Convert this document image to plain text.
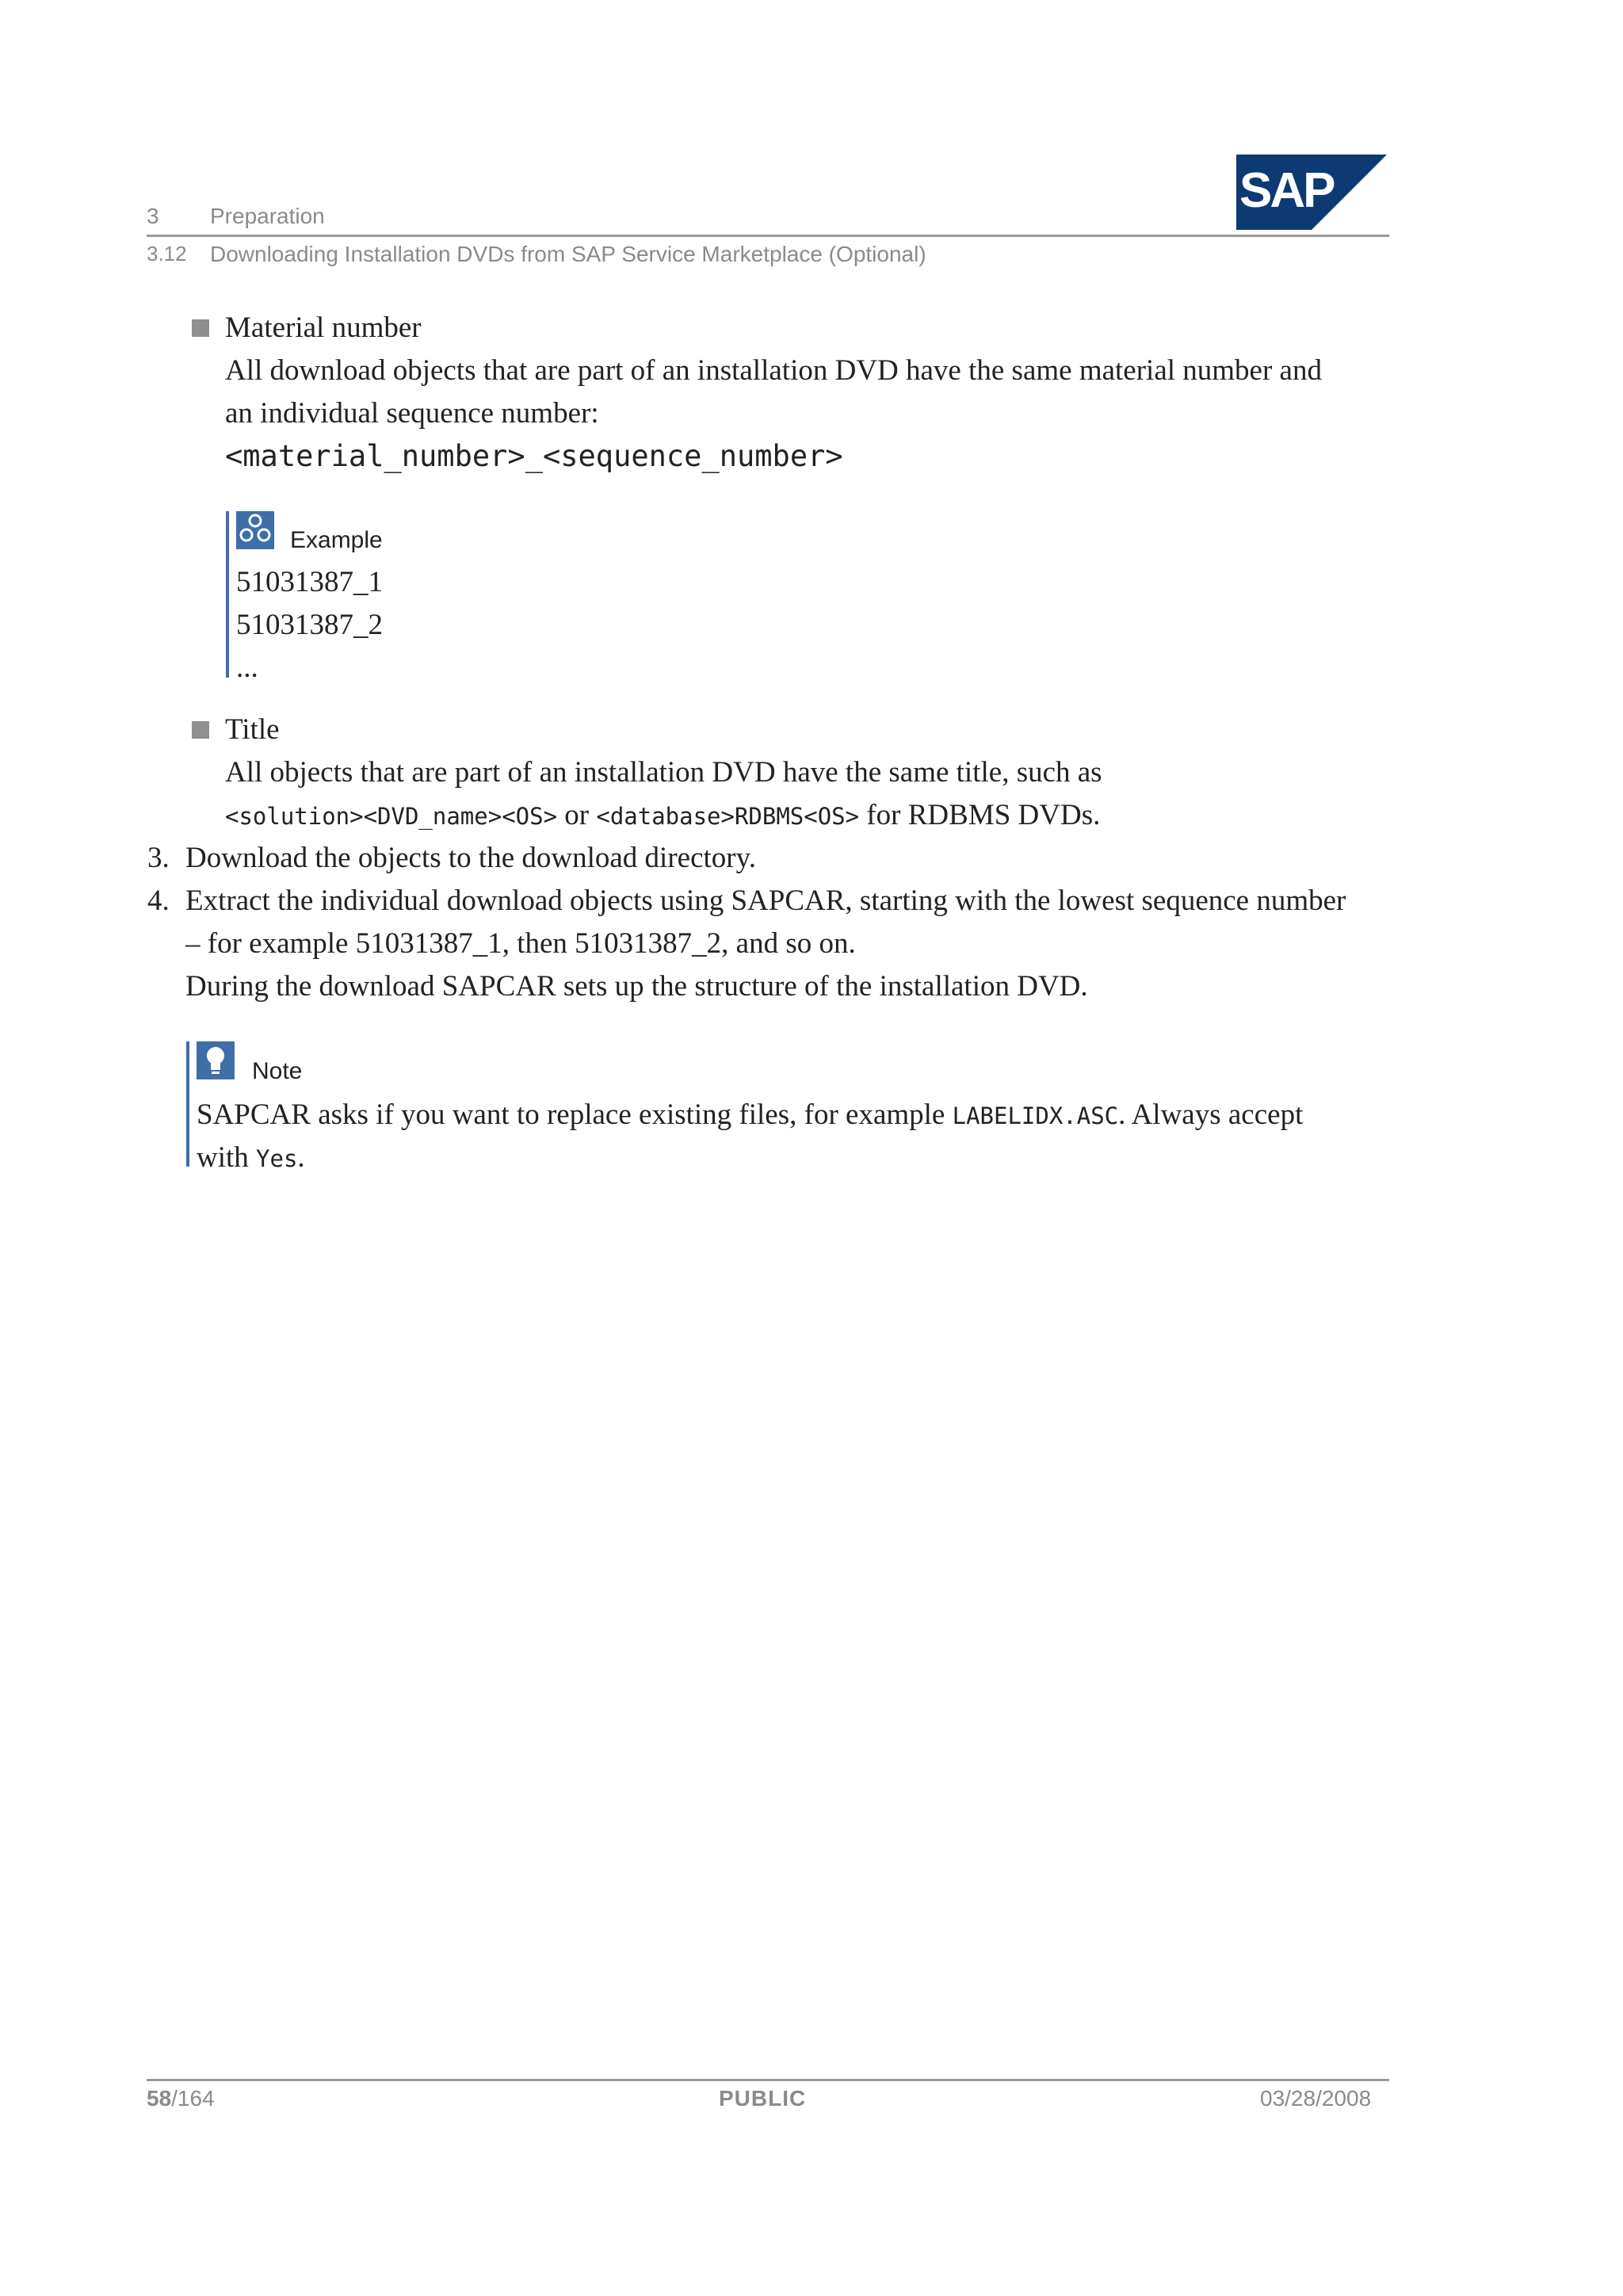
3 Preparation
3.12 Downloading Installation DVDs from SAP Service Marketplace (Optional)
SAP
®
Material number
All download objects that are part of an installation DVD have the same material number and
an individual sequence number:
<material_number>_<sequence_number>
Example
51031387_1
51031387_2
...
Title
All objects that are part of an installation DVD have the same title, such as
<solution><DVD_name><OS> or <database>RDBMS<OS> for RDBMS DVDs.
3. Download the objects to the download directory.
4. Extract the individual download objects using SAPCAR, starting with the lowest sequence number
– for example 51031387_1, then 51031387_2, and so on.
During the download SAPCAR sets up the structure of the installation DVD.
Note
SAPCAR asks if you want to replace existing files, for example LABELIDX.ASC. Always accept
with Yes.
58/164	PUBLIC	03/28/2008
